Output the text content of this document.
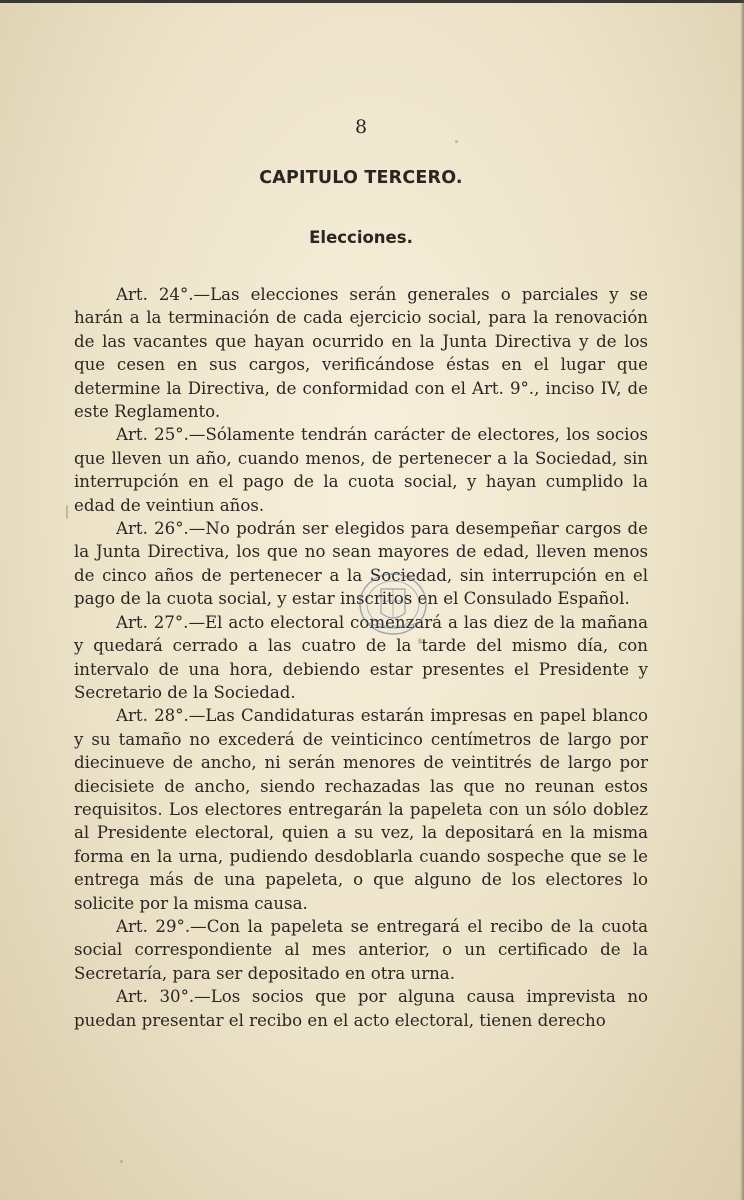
8
CAPITULO TERCERO.
Elecciones.

Art. 24°.—Las elecciones serán generales o parciales y se harán a la terminación de cada ejercicio social, para la renovación de las vacantes que hayan ocurrido en la Junta Directiva y de los que cesen en sus cargos, verificándose éstas en el lugar que determine la Directiva, de conformidad con el Art. 9°., inciso IV, de este Reglamento.

Art. 25°.—Sólamente tendrán carácter de electores, los socios que lleven un año, cuando menos, de pertenecer a la Sociedad, sin interrupción en el pago de la cuota social, y hayan cumplido la edad de veintiun años.

Art. 26°.—No podrán ser elegidos para desempeñar cargos de la Junta Directiva, los que no sean mayores de edad, lleven menos de cinco años de pertenecer a la Sociedad, sin interrupción en el pago de la cuota social, y estar inscritos en el Consulado Español.

Art. 27°.—El acto electoral comenzará a las diez de la mañana y quedará cerrado a las cuatro de la tarde del mismo día, con intervalo de una hora, debiendo estar presentes el Presidente y Secretario de la Sociedad.

Art. 28°.—Las Candidaturas estarán impresas en papel blanco y su tamaño no excederá de veinticinco centímetros de largo por diecinueve de ancho, ni serán menores de veintitrés de largo por diecisiete de ancho, siendo rechazadas las que no reunan estos requisitos. Los electores entregarán la papeleta con un sólo doblez al Presidente electoral, quien a su vez, la depositará en la misma forma en la urna, pudiendo desdoblarla cuando sospeche que se le entrega más de una papeleta, o que alguno de los electores lo solicite por la misma causa.

Art. 29°.—Con la papeleta se entregará el recibo de la cuota social correspondiente al mes anterior, o un certificado de la Secretaría, para ser depositado en otra urna.

Art. 30°.—Los socios que por alguna causa imprevista no puedan presentar el recibo en el acto electoral, tienen derecho
